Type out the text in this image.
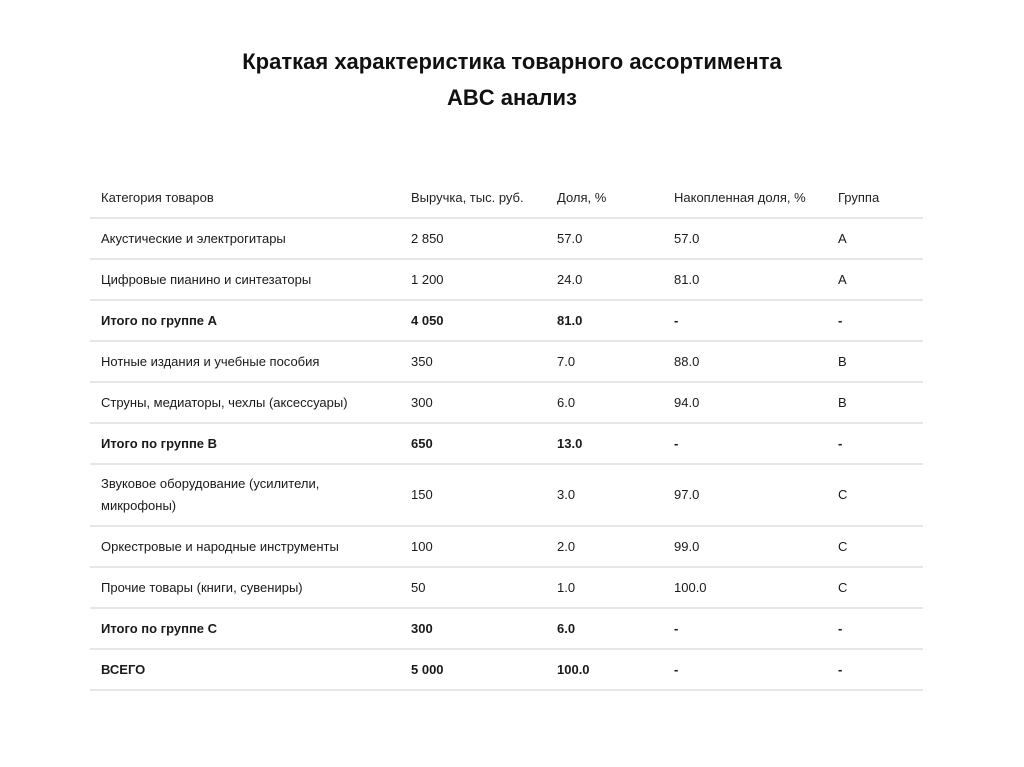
Краткая характеристика товарного ассортимента
ABC анализ
Категория товаров	Выручка, тыс. руб.	Доля, %	Накопленная доля, %	Группа
Акустические и электрогитары	2 850	57.0	57.0	A
Цифровые пианино и синтезаторы	1 200	24.0	81.0	A
Итого по группе A	4 050	81.0	-	-
Нотные издания и учебные пособия	350	7.0	88.0	B
Струны, медиаторы, чехлы (аксессуары)	300	6.0	94.0	B
Итого по группе B	650	13.0	-	-
Звуковое оборудование (усилители, микрофоны)	150	3.0	97.0	C
Оркестровые и народные инструменты	100	2.0	99.0	C
Прочие товары (книги, сувениры)	50	1.0	100.0	C
Итого по группе C	300	6.0	-	-
ВСЕГО	5 000	100.0	-	-
